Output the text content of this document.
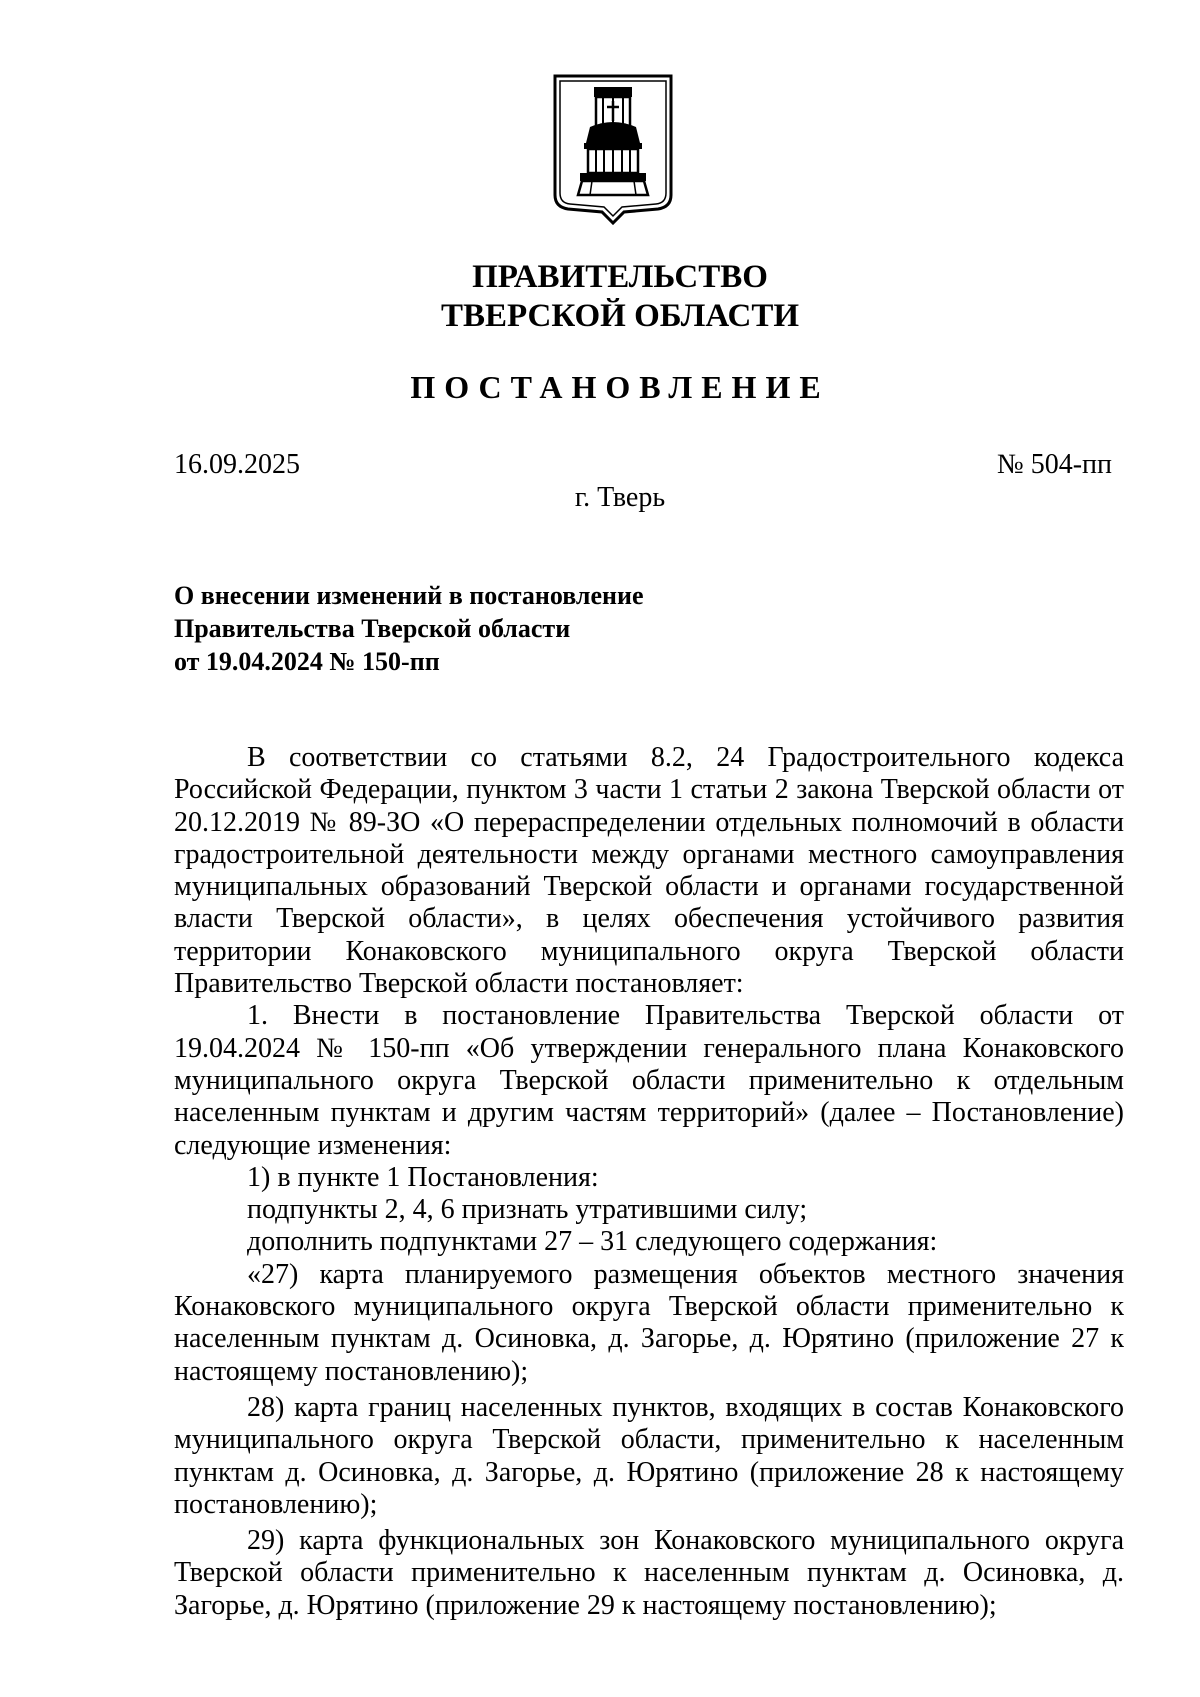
ПРАВИТЕЛЬСТВО
ТВЕРСКОЙ ОБЛАСТИ
ПОСТАНОВЛЕНИЕ
16.09.2025	№ 504-пп
г. Тверь
О внесении изменений в постановление
Правительства Тверской области
от 19.04.2024 № 150-пп

В соответствии со статьями 8.2, 24 Градостроительного кодекса Российской Федерации, пунктом 3 части 1 статьи 2 закона Тверской области от 20.12.2019 № 89-ЗО «О перераспределении отдельных полномочий в области градостроительной деятельности между органами местного самоуправления муниципальных образований Тверской области и органами государственной власти Тверской области», в целях обеспечения устойчивого развития территории Конаковского муниципального округа Тверской области Правительство Тверской области постановляет:

1. Внести в постановление Правительства Тверской области от 19.04.2024 № 150-пп «Об утверждении генерального плана Конаковского муниципального округа Тверской области применительно к отдельным населенным пунктам и другим частям территорий» (далее – Постановление) следующие изменения:

1) в пункте 1 Постановления:

подпункты 2, 4, 6 признать утратившими силу;

дополнить подпунктами 27 – 31 следующего содержания:

«27) карта планируемого размещения объектов местного значения Конаковского муниципального округа Тверской области применительно к населенным пунктам д. Осиновка, д. Загорье, д. Юрятино (приложение 27 к настоящему постановлению);

28) карта границ населенных пунктов, входящих в состав Конаковского муниципального округа Тверской области, применительно к населенным пунктам д. Осиновка, д. Загорье, д. Юрятино (приложение 28 к настоящему постановлению);

29) карта функциональных зон Конаковского муниципального округа Тверской области применительно к населенным пунктам д. Осиновка, д. Загорье, д. Юрятино (приложение 29 к настоящему постановлению);
